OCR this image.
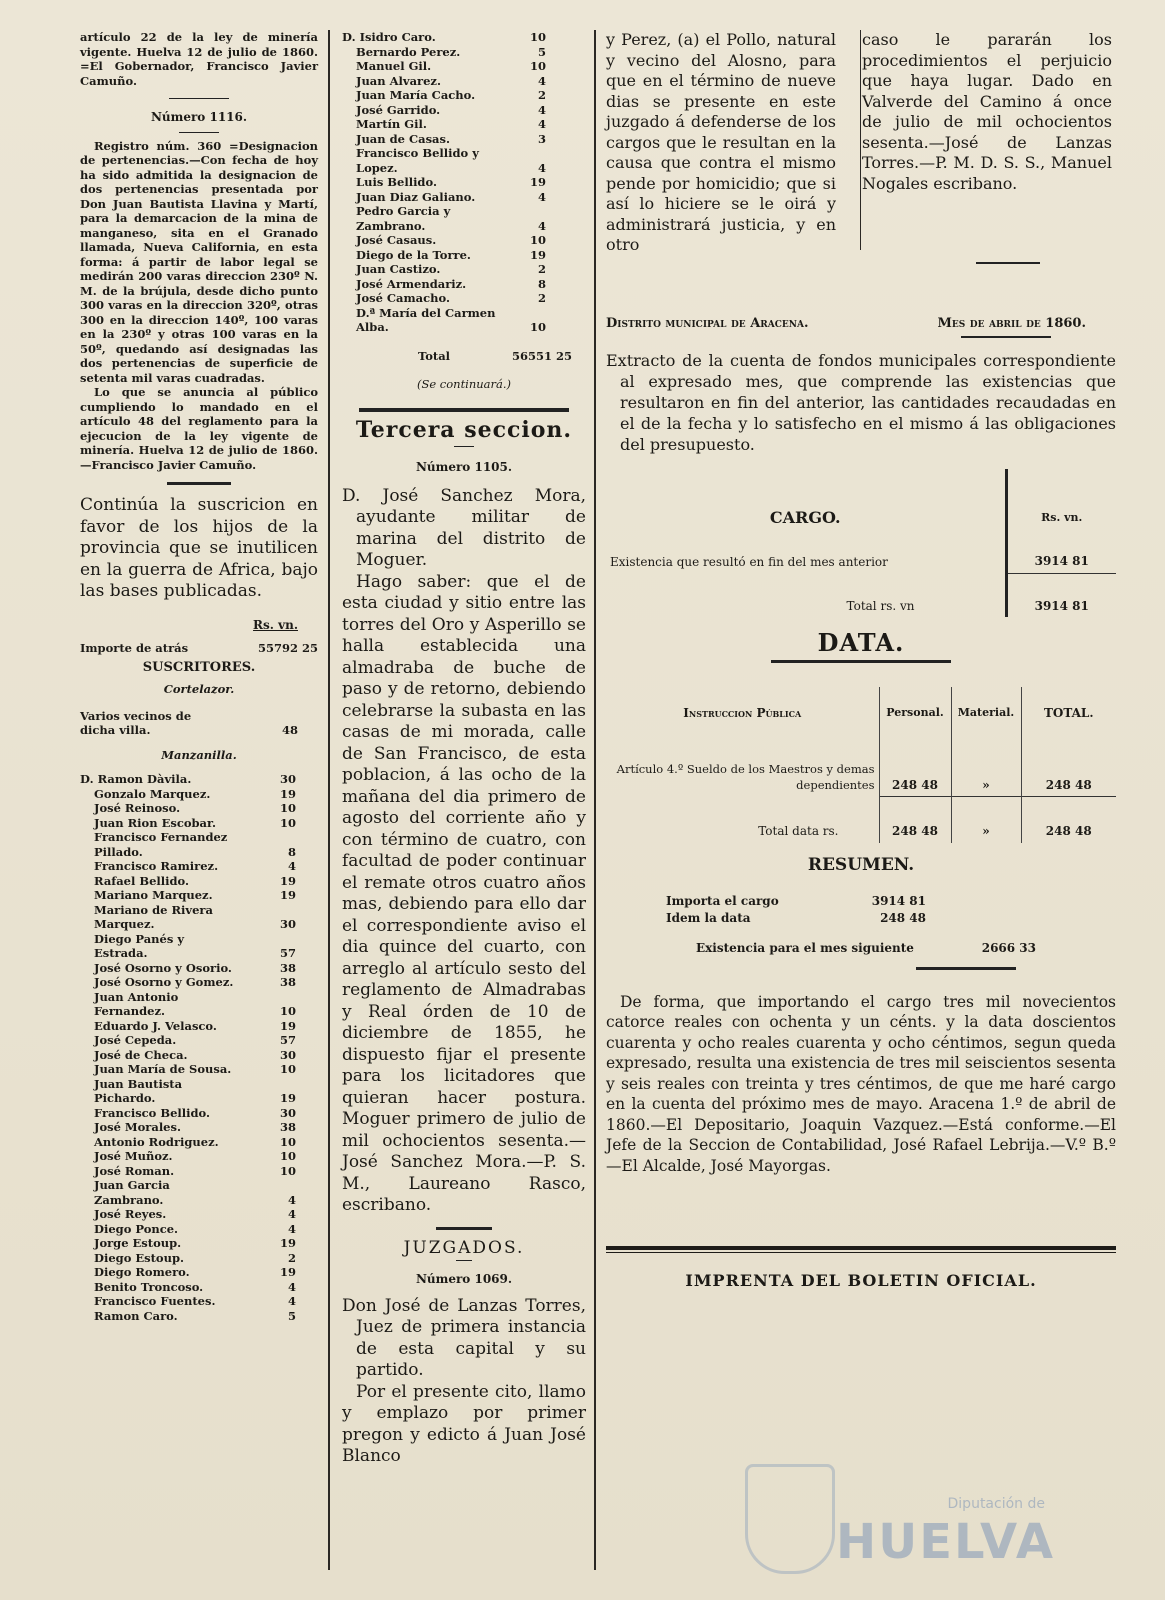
artículo 22 de la ley de minería vigente. Huelva 12 de julio de 1860. =El Gobernador, Francisco Javier Camuño.

Número 1116.

Registro núm. 360 =Designacion de pertenencias.—Con fecha de hoy ha sido admitida la designacion de dos pertenencias presentada por Don Juan Bautista Llavina y Martí, para la demarcacion de la mina de manganeso, sita en el Granado llamada, Nueva California, en esta forma: á partir de labor legal se medirán 200 varas direccion 230º N. M. de la brújula, desde dicho punto 300 varas en la direccion 320º, otras 300 en la direccion 140º, 100 varas en la 230º y otras 100 varas en la 50º, quedando así designadas las dos pertenencias de superficie de setenta mil varas cuadradas.

Lo que se anuncia al público cumpliendo lo mandado en el artículo 48 del reglamento para la ejecucion de la ley vigente de minería. Huelva 12 de julio de 1860.—Francisco Javier Camuño.

Continúa la suscricion en favor de los hijos de la provincia que se inutilicen en la guerra de Africa, bajo las bases publicadas.

Rs. vn.

Importe de atrás	55792 25

SUSCRITORES.

Cortelazor.

Varios vecinos de dicha villa.	48

Manzanilla.

D. Ramon Dàvila.	30
Gonzalo Marquez.	19
José Reinoso.	10
Juan Rion Escobar.	10
Francisco Fernandez Pillado.	8
Francisco Ramirez.	4
Rafael Bellido.	19
Mariano Marquez.	19
Mariano de Rivera Marquez.	30
Diego Panés y Estrada.	57
José Osorno y Osorio.	38
José Osorno y Gomez.	38
Juan Antonio Fernandez.	10
Eduardo J. Velasco.	19
José Cepeda.	57
José de Checa.	30
Juan María de Sousa.	10
Juan Bautista Pichardo.	19
Francisco Bellido.	30
José Morales.	38
Antonio Rodriguez.	10
José Muñoz.	10
José Roman.	10
Juan Garcia Zambrano.	4
José Reyes.	4
Diego Ponce.	4
Jorge Estoup.	19
Diego Estoup.	2
Diego Romero.	19
Benito Troncoso.	4
Francisco Fuentes.	4
Ramon Caro.	5
D. Isidro Caro.	10
Bernardo Perez.	5
Manuel Gil.	10
Juan Alvarez.	4
Juan María Cacho.	2
José Garrido.	4
Martín Gil.	4
Juan de Casas.	3
Francisco Bellido y Lopez.	4
Luis Bellido.	19
Juan Diaz Galiano.	4
Pedro Garcia y Zambrano.	4
José Casaus.	10
Diego de la Torre.	19
Juan Castizo.	2
José Armendariz.	8
José Camacho.	2
D.ª María del Carmen Alba.	10
Total	56551 25

(Se continuará.)

Tercera seccion.

Número 1105.

D. José Sanchez Mora, ayudante militar de marina del distrito de Moguer.

Hago saber: que el de esta ciudad y sitio entre las torres del Oro y Asperillo se halla establecida una almadraba de buche de paso y de retorno, debiendo celebrarse la subasta en las casas de mi morada, calle de San Francisco, de esta poblacion, á las ocho de la mañana del dia primero de agosto del corriente año y con término de cuatro, con facultad de poder continuar el remate otros cuatro años mas, debiendo para ello dar el correspondiente aviso el dia quince del cuarto, con arreglo al artículo sesto del reglamento de Almadrabas y Real órden de 10 de diciembre de 1855, he dispuesto fijar el presente para los licitadores que quieran hacer postura. Moguer primero de julio de mil ochocientos sesenta.—José Sanchez Mora.—P. S. M., Laureano Rasco, escribano.

JUZGADOS.

Número 1069.

Don José de Lanzas Torres, Juez de primera instancia de esta capital y su partido.

Por el presente cito, llamo y emplazo por primer pregon y edicto á Juan José Blanco

y Perez, (a) el Pollo, natural y vecino del Alosno, para que en el término de nueve dias se presente en este juzgado á defenderse de los cargos que le resultan en la causa que contra el mismo pende por homicidio; que si así lo hiciere se le oirá y administrará justicia, y en otro
caso le pararán los procedimientos el perjuicio que haya lugar. Dado en Valverde del Camino á once de julio de mil ochocientos sesenta.—José de Lanzas Torres.—P. M. D. S. S., Manuel Nogales escribano.
Distrito municipal de Aracena.	Mes de abril de 1860.

Extracto de la cuenta de fondos municipales correspondiente al expresado mes, que comprende las existencias que resultaron en fin del anterior, las cantidades recaudadas en el de la fecha y lo satisfecho en el mismo á las obligaciones del presupuesto.

CARGO.	Rs. vn.
Existencia que resultó en fin del mes anterior	3914 81
Total rs. vn	3914 81

DATA.

Instruccion Pública	Personal.	Material.	TOTAL.
Artículo 4.º Sueldo de los Maestros y demas dependientes	248 48	»	248 48
Total data rs.	248 48	»	248 48

RESUMEN.

Importa el cargo	3914 81
Idem la data	248 48
Existencia para el mes siguiente	2666 33

De forma, que importando el cargo tres mil novecientos catorce reales con ochenta y un cénts. y la data doscientos cuarenta y ocho reales cuarenta y ocho céntimos, segun queda expresado, resulta una existencia de tres mil seiscientos sesenta y seis reales con treinta y tres céntimos, de que me haré cargo en la cuenta del próximo mes de mayo. Aracena 1.º de abril de 1860.—El Depositario, Joaquin Vazquez.—Está conforme.—El Jefe de la Seccion de Contabilidad, José Rafael Lebrija.—V.º B.º—El Alcalde, José Mayorgas.

IMPRENTA DEL BOLETIN OFICIAL.

Diputación de
HUELVA
